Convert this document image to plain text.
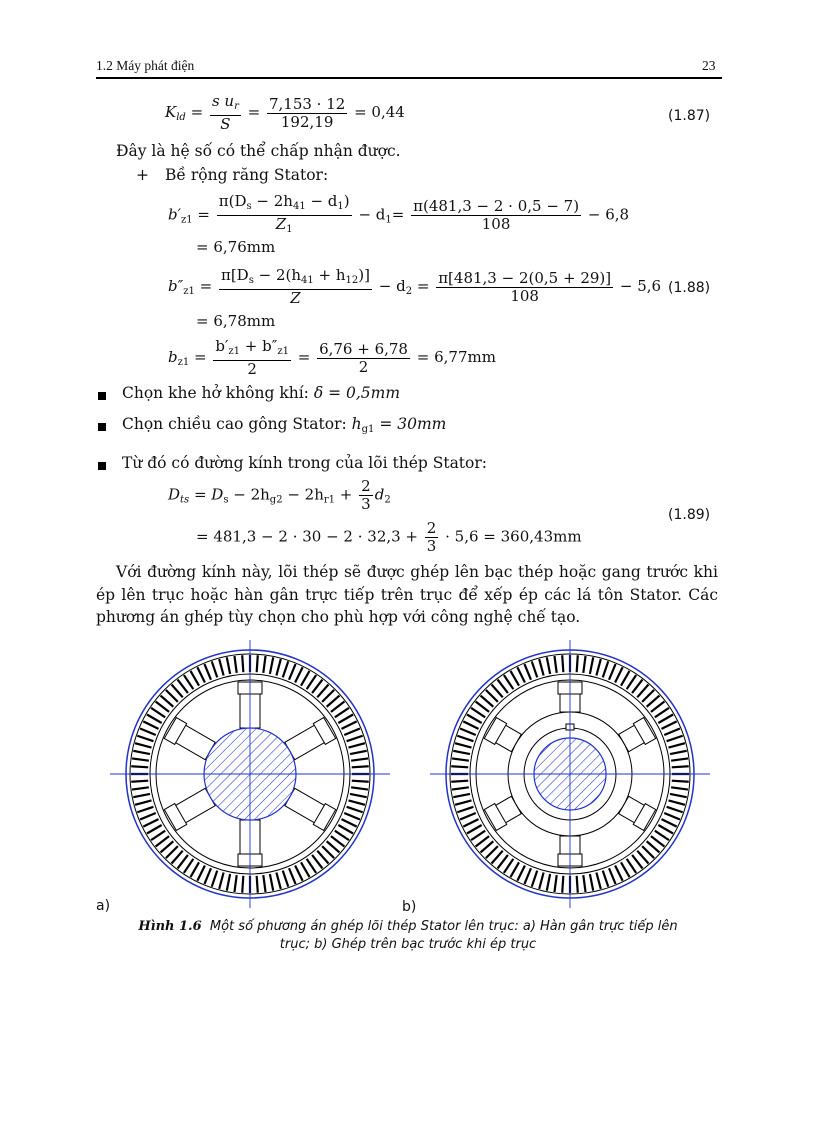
1.2 Máy phát điện	23
$K_{ld} = \frac{s u_r}{S} = \frac{7,153 \cdot 12}{192,19} = 0,44$	(1.87)
Đây là hệ số có thể chấp nhận được.
+ Bề rộng răng Stator:
$b'_{z1} = \frac{\pi(D_s - 2h_{41} - d_1)}{Z_1} - d_1= \frac{\pi(481,3 - 2 \cdot 0,5 - 7)}{108} - 6,8$
= 6,76mm
$b''_{z1} = \frac{\pi[D_s - 2(h_{41} + h_{12})]}{Z} - d_2 = \frac{\pi[481,3 - 2(0,5 + 29)]}{108} - 5,6$ (1.88)
= 6,78mm
$b_{z1} = \frac{b'_{z1} + b''_{z1}}{2} = \frac{6,76 + 6,78}{2} = 6,77mm$
Chọn khe hở không khí: δ = 0,5mm
Chọn chiều cao gông Stator: $h_{g1} = 30mm$
Từ đó có đường kính trong của lõi thép Stator:
$D_{ts} = D_s - 2h_{g2} - 2h_{r1} + \frac{2}{3} d_2$
= $481,3 - 2 \cdot 30 - 2 \cdot 32,3 + \frac{2}{3} \cdot 5,6 = 360,43mm$
(1.89)
Với đường kính này, lõi thép sẽ được ghép lên bạc thép hoặc gang trước khi ép lên trục hoặc hàn gân trực tiếp trên trục để xếp ép các lá tôn Stator. Các phương án ghép tùy chọn cho phù hợp với công nghệ chế tạo.
a)	b)
Hình 1.6 Một số phương án ghép lõi thép Stator lên trục: a) Hàn gân trực tiếp lên
trục; b) Ghép trên bạc trước khi ép trục
